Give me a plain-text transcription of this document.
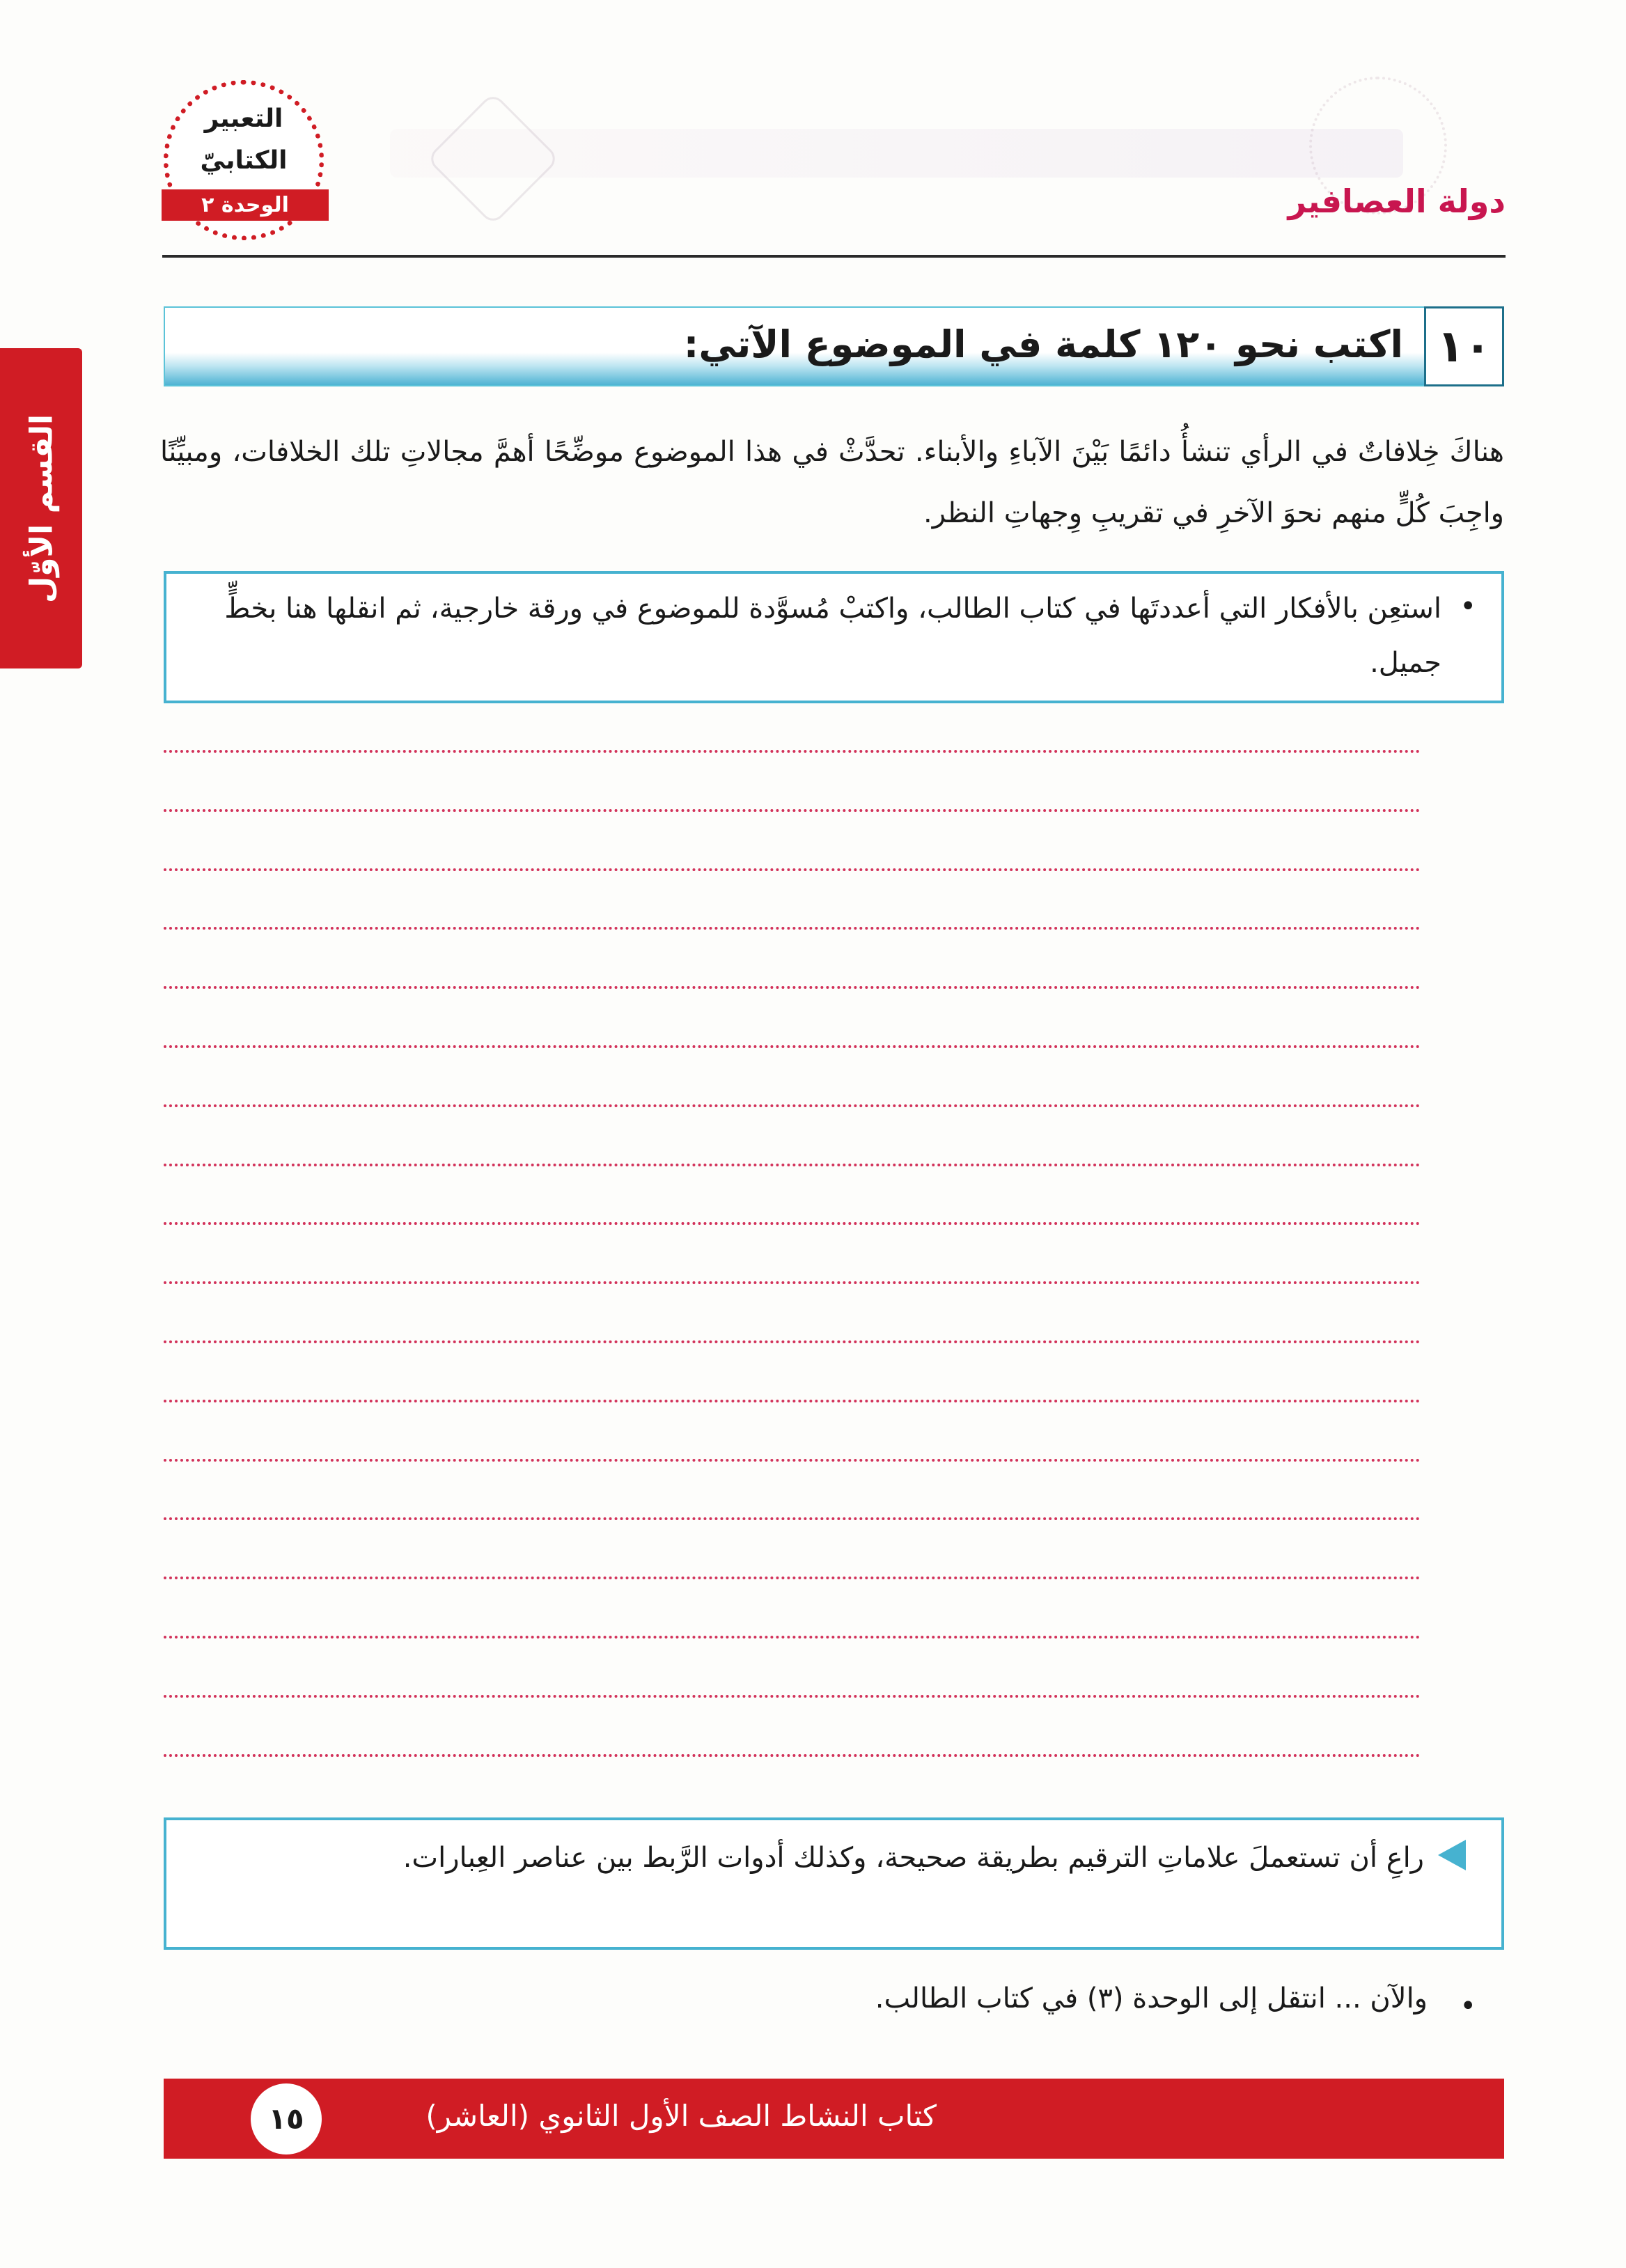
دولة العصافير
التعبير
الكتابيّ
الوحدة ٢
القسم الأوّل
١٠
اكتب نحو ١٢٠ كلمة في الموضوع الآتي:
هناكَ خِلافاتٌ في الرأي تنشأُ دائمًا بَيْنَ الآباءِ والأبناء. تحدَّثْ في هذا الموضوع موضِّحًا أهمَّ مجالاتِ تلك الخلافات، ومبيِّنًا واجِبَ كُلٍّ منهم نحوَ الآخرِ في تقريبِ وِجهاتِ النظر.
•
استعِن بالأفكار التي أعددتَها في كتاب الطالب، واكتبْ مُسوَّدة للموضوع في ورقة خارجية، ثم انقلها هنا بخطٍّ جميل.
راعِ أن تستعملَ علاماتِ الترقيم بطريقة صحيحة، وكذلك أدوات الرَّبط بين عناصر العِبارات.
•
والآن ... انتقل إلى الوحدة (٣) في كتاب الطالب.
كتاب النشاط الصف الأول الثانوي (العاشر)
١٥
